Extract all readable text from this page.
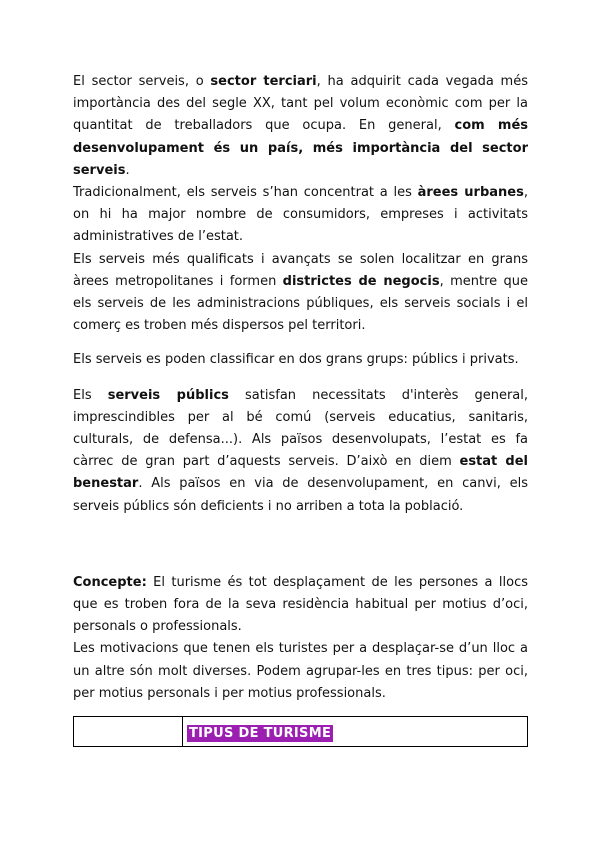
El sector serveis, o sector terciari, ha adquirit cada vegada més importància des del segle XX, tant pel volum econòmic com per la quantitat de treballadors que ocupa. En general, com més desenvolupament és un país, més importància del sector serveis.

Tradicionalment, els serveis s’han concentrat a les àrees urbanes, on hi ha major nombre de consumidors, empreses i activitats administratives de l’estat.

Els serveis més qualificats i avançats se solen localitzar en grans àrees metropolitanes i formen districtes de negocis, mentre que els serveis de les administracions públiques, els serveis socials i el comerç es troben més dispersos pel territori.

Els serveis es poden classificar en dos grans grups: públics i privats.

Els serveis públics satisfan necessitats d'interès general, imprescindibles per al bé comú (serveis educatius, sanitaris, culturals, de defensa...). Als països desenvolupats, l’estat es fa càrrec de gran part d’aquests serveis. D’això en diem estat del benestar. Als països en via de desenvolupament, en canvi, els serveis públics són deficients i no arriben a tota la població.

Concepte: El turisme és tot desplaçament de les persones a llocs que es troben fora de la seva residència habitual per motius d’oci, personals o professionals.

Les motivacions que tenen els turistes per a desplaçar-se d’un lloc a un altre són molt diverses. Podem agrupar-les en tres tipus: per oci, per motius personals i per motius professionals.

	TIPUS DE TURISME
